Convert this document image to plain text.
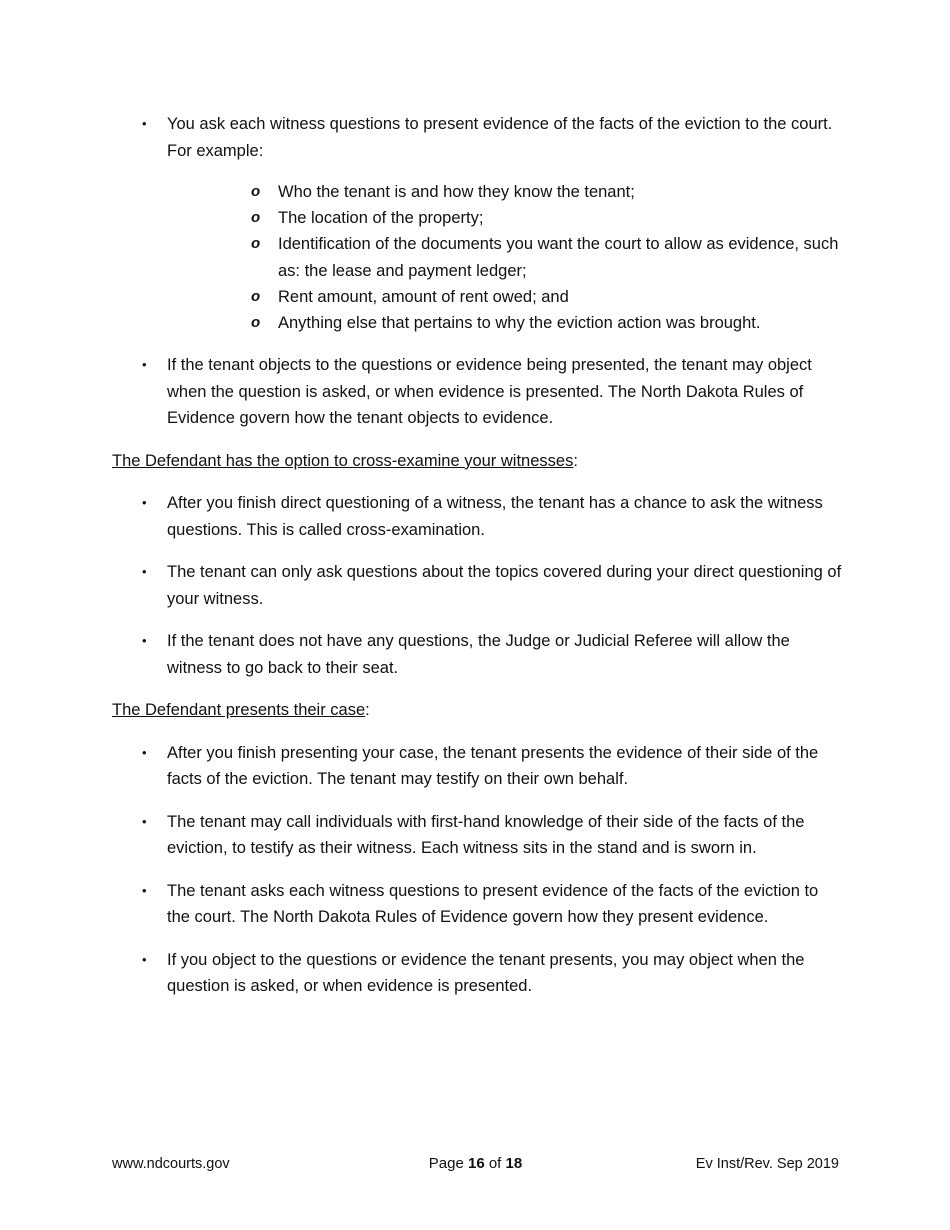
• You ask each witness questions to present evidence of the facts of the eviction to the court. For example:
o Who the tenant is and how they know the tenant;
o The location of the property;
o Identification of the documents you want the court to allow as evidence, such as: the lease and payment ledger;
o Rent amount, amount of rent owed; and
o Anything else that pertains to why the eviction action was brought.
• If the tenant objects to the questions or evidence being presented, the tenant may object when the question is asked, or when evidence is presented. The North Dakota Rules of Evidence govern how the tenant objects to evidence.
The Defendant has the option to cross-examine your witnesses:
• After you finish direct questioning of a witness, the tenant has a chance to ask the witness questions. This is called cross-examination.
• The tenant can only ask questions about the topics covered during your direct questioning of your witness.
• If the tenant does not have any questions, the Judge or Judicial Referee will allow the witness to go back to their seat.
The Defendant presents their case:
• After you finish presenting your case, the tenant presents the evidence of their side of the facts of the eviction. The tenant may testify on their own behalf.
• The tenant may call individuals with first-hand knowledge of their side of the facts of the eviction, to testify as their witness. Each witness sits in the stand and is sworn in.
• The tenant asks each witness questions to present evidence of the facts of the eviction to the court. The North Dakota Rules of Evidence govern how they present evidence.
• If you object to the questions or evidence the tenant presents, you may object when the question is asked, or when evidence is presented.
www.ndcourts.gov	Page 16 of 18	Ev Inst/Rev. Sep 2019
